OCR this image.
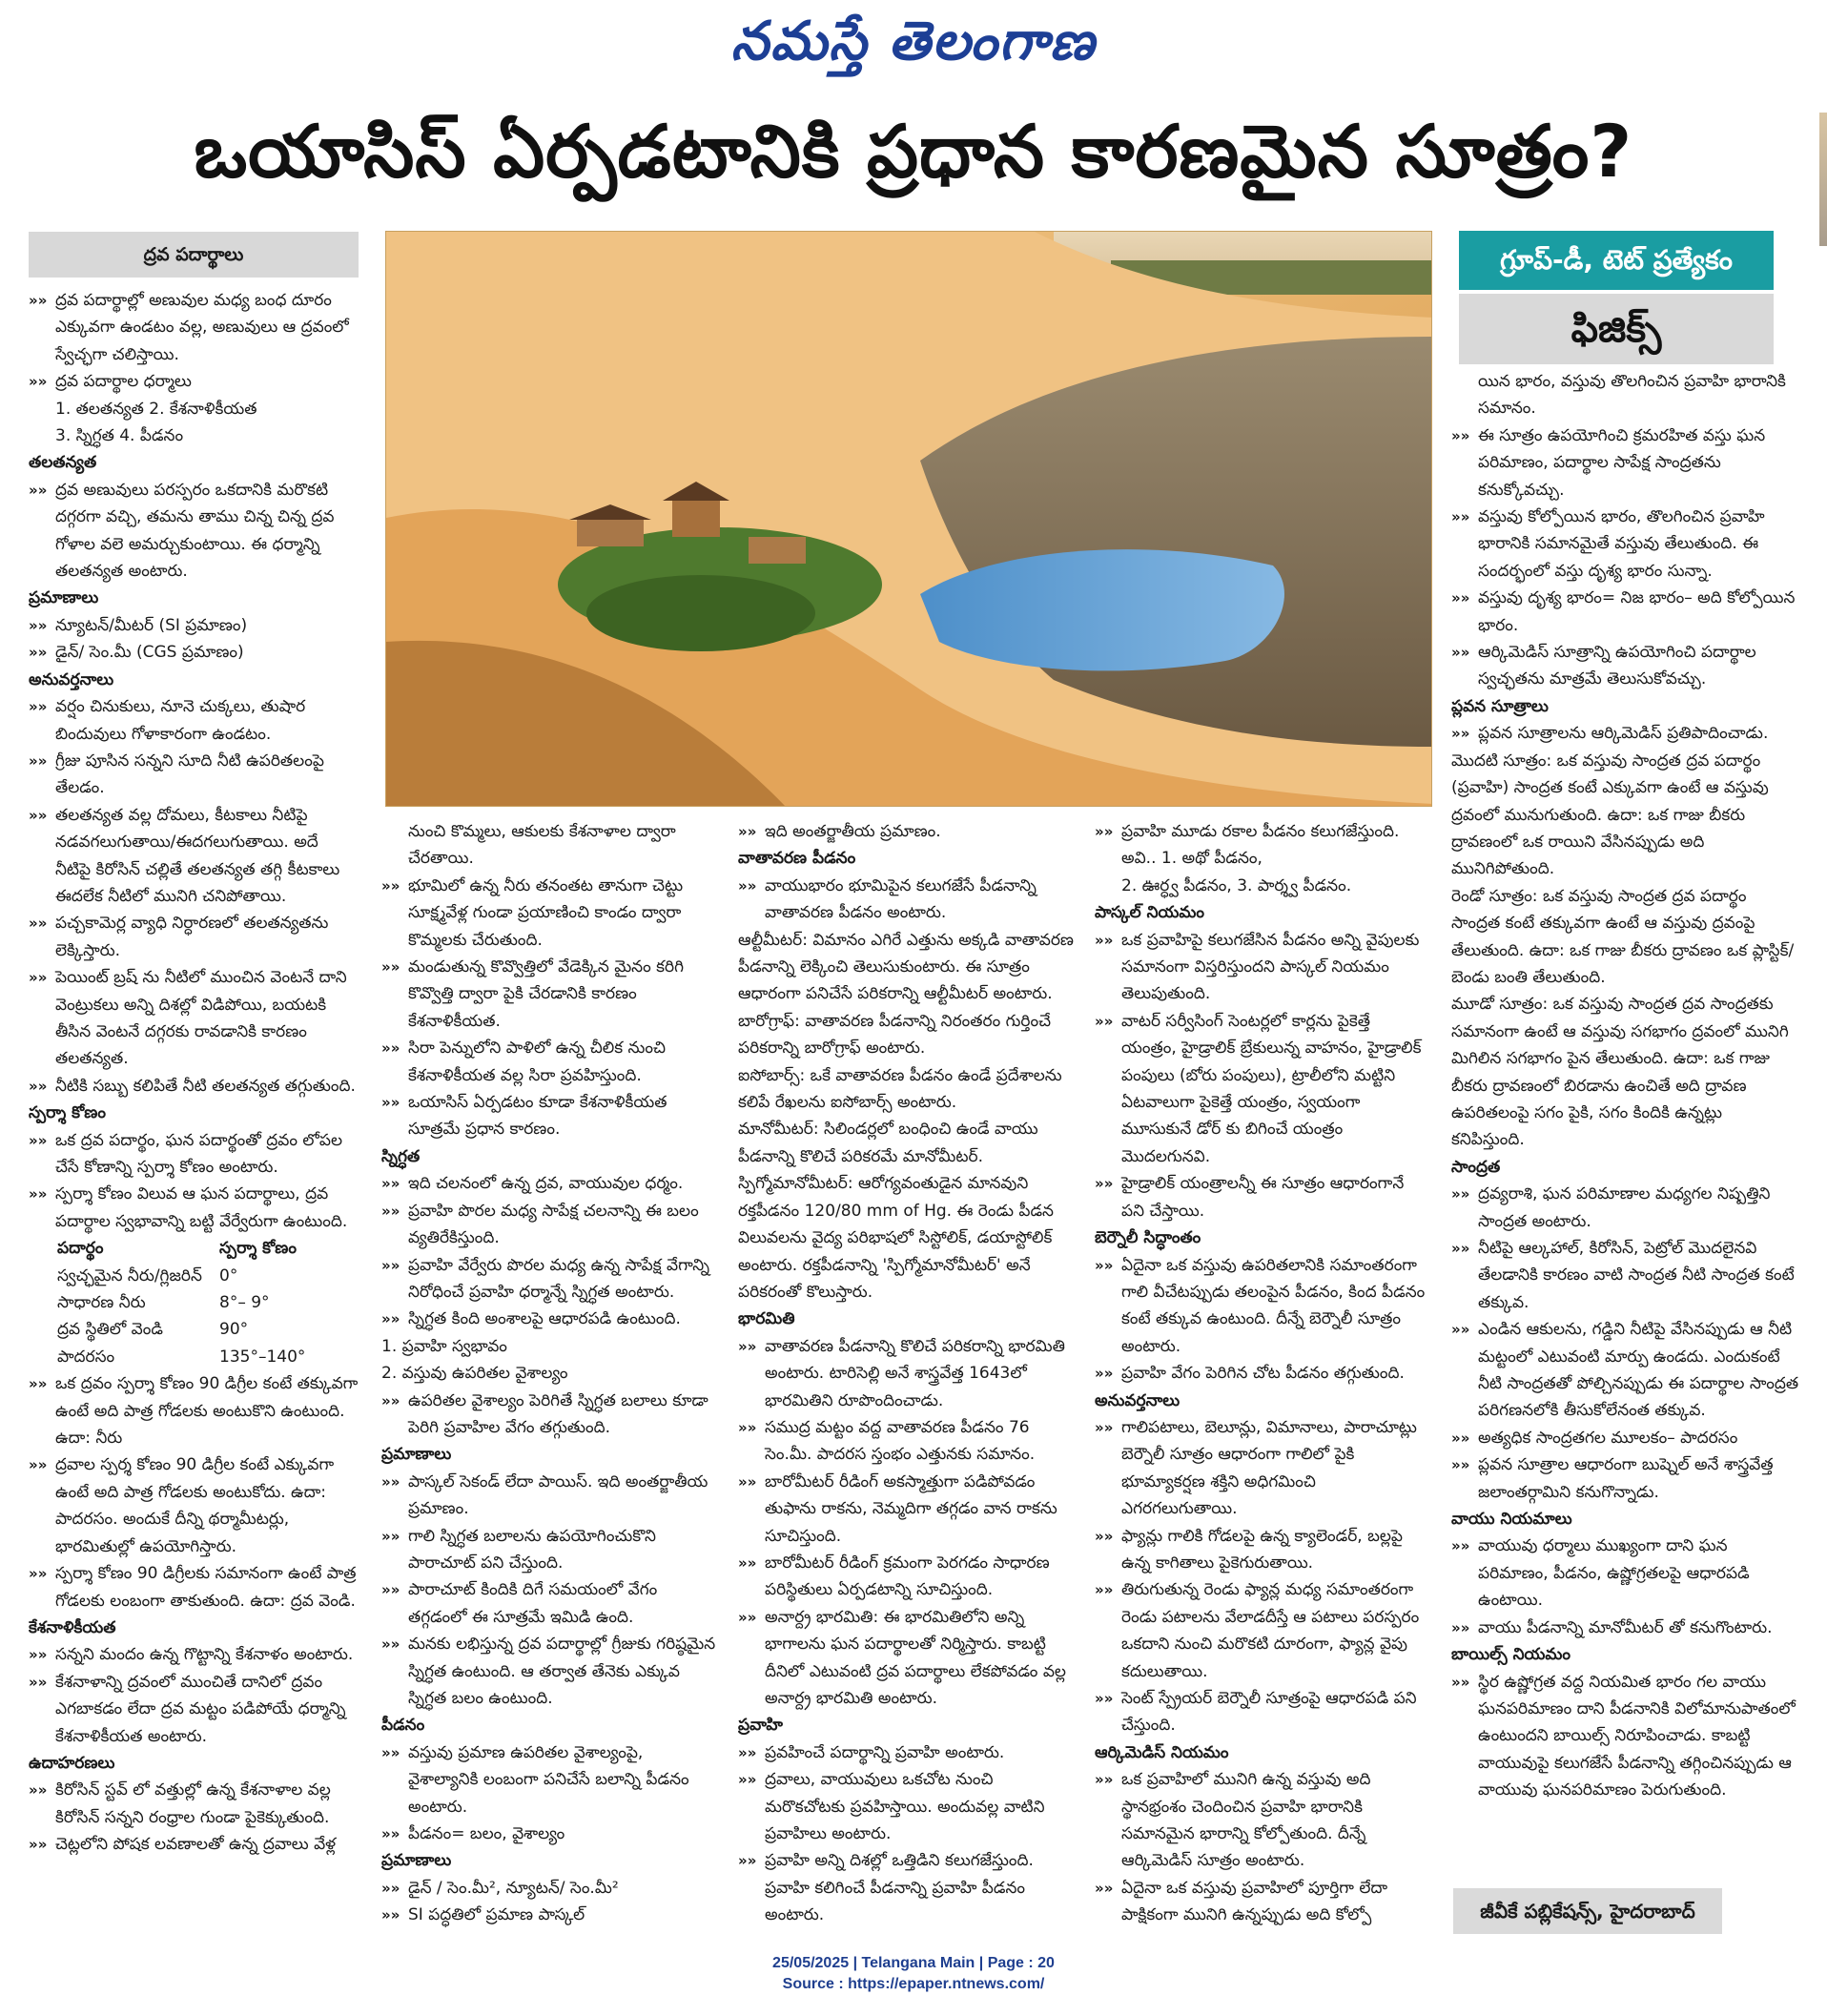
నమస్తే తెలంగాణ
ఒయాసిస్ ఏర్పడటానికి ప్రధాన కారణమైన సూత్రం?
ద్రవ పదార్థాలు
»» ద్రవ పదార్థాల్లో అణువుల మధ్య బంధ దూరం ఎక్కువగా ఉండటం వల్ల, అణువులు ఆ ద్రవంలో స్వేచ్ఛగా చలిస్తాయి.
»» ద్రవ పదార్థాల ధర్మాలు
1. తలతన్యత 2. కేశనాళికీయత
3. స్నిగ్ధత 4. పీడనం
తలతన్యత
»» ద్రవ అణువులు పరస్పరం ఒకదానికి మరొకటి దగ్గరగా వచ్చి, తమను తాము చిన్న చిన్న ద్రవ గోళాల వలె అమర్చుకుంటాయి. ఈ ధర్మాన్ని తలతన్యత అంటారు.
ప్రమాణాలు
»» న్యూటన్/మీటర్ (SI ప్రమాణం)
»» డైన్/ సెం.మీ (CGS ప్రమాణం)
అనువర్తనాలు
»» వర్షం చినుకులు, నూనె చుక్కలు, తుషార బిందువులు గోళాకారంగా ఉండటం.
»» గ్రీజు పూసిన సన్నని సూది నీటి ఉపరితలంపై తేలడం.
»» తలతన్యత వల్ల దోమలు, కీటకాలు నీటిపై నడవగలుగుతాయి/ఈదగలుగుతాయి. అదే నీటిపై కిరోసిన్ చల్లితే తలతన్యత తగ్గి కీటకాలు ఈదలేక నీటిలో మునిగి చనిపోతాయి.
»» పచ్చకామెర్ల వ్యాధి నిర్ధారణలో తలతన్యతను లెక్కిస్తారు.
»» పెయింట్ బ్రష్ ను నీటిలో ముంచిన వెంటనే దాని వెంట్రుకలు అన్ని దిశల్లో విడిపోయి, బయటకి తీసిన వెంటనే దగ్గరకు రావడానికి కారణం తలతన్యత.
»» నీటికి సబ్బు కలిపితే నీటి తలతన్యత తగ్గుతుంది.
స్పర్శా కోణం
»» ఒక ద్రవ పదార్థం, ఘన పదార్థంతో ద్రవం లోపల చేసే కోణాన్ని స్పర్శా కోణం అంటారు.
»» స్పర్శా కోణం విలువ ఆ ఘన పదార్థాలు, ద్రవ పదార్థాల స్వభావాన్ని బట్టి వేర్వేరుగా ఉంటుంది.
పదార్థం	స్పర్శా కోణం
స్వచ్ఛమైన నీరు/గ్లిజరిన్	0°
సాధారణ నీరు	8°– 9°
ద్రవ స్థితిలో వెండి	90°
పాదరసం	135°–140°
»» ఒక ద్రవం స్పర్శా కోణం 90 డిగ్రీల కంటే తక్కువగా ఉంటే అది పాత్ర గోడలకు అంటుకొని ఉంటుంది. ఉదా: నీరు
»» ద్రవాల స్పర్శ కోణం 90 డిగ్రీల కంటే ఎక్కువగా ఉంటే అది పాత్ర గోడలకు అంటుకోదు. ఉదా: పాదరసం. అందుకే దీన్ని థర్మామీటర్లు, భారమితుల్లో ఉపయోగిస్తారు.
»» స్పర్శా కోణం 90 డిగ్రీలకు సమానంగా ఉంటే పాత్ర గోడలకు లంబంగా తాకుతుంది. ఉదా: ద్రవ వెండి.
కేశనాళికీయత
»» సన్నని మందం ఉన్న గొట్టాన్ని కేశనాళం అంటారు.
»» కేశనాళాన్ని ద్రవంలో ముంచితే దానిలో ద్రవం ఎగబాకడం లేదా ద్రవ మట్టం పడిపోయే ధర్మాన్ని కేశనాళికీయత అంటారు.
ఉదాహరణలు
»» కిరోసిన్ స్టవ్ లో వత్తుల్లో ఉన్న కేశనాళాల వల్ల కిరోసిన్ సన్నని రంధ్రాల గుండా పైకెక్కుతుంది.
»» చెట్లలోని పోషక లవణాలతో ఉన్న ద్రవాలు వేళ్ల
గ్రూప్-డీ, టెట్ ప్రత్యేకం
ఫిజిక్స్
నుంచి కొమ్మలు, ఆకులకు కేశనాళాల ద్వారా చేరతాయి.
»» భూమిలో ఉన్న నీరు తనంతట తానుగా చెట్టు సూక్ష్మవేళ్ల గుండా ప్రయాణించి కాండం ద్వారా కొమ్మలకు చేరుతుంది.
»» మండుతున్న కొవ్వొత్తిలో వేడెక్కిన మైనం కరిగి కొవ్వొత్తి ద్వారా పైకి చేరడానికి కారణం కేశనాళికీయత.
»» సిరా పెన్నులోని పాళిలో ఉన్న చీలిక నుంచి కేశనాళికీయత వల్ల సిరా ప్రవహిస్తుంది.
»» ఒయాసిస్ ఏర్పడటం కూడా కేశనాళికీయత సూత్రమే ప్రధాన కారణం.
స్నిగ్ధత
»» ఇది చలనంలో ఉన్న ద్రవ, వాయువుల ధర్మం.
»» ప్రవాహి పొరల మధ్య సాపేక్ష చలనాన్ని ఈ బలం వ్యతిరేకిస్తుంది.
»» ప్రవాహి వేర్వేరు పొరల మధ్య ఉన్న సాపేక్ష వేగాన్ని నిరోధించే ప్రవాహి ధర్మాన్నే స్నిగ్ధత అంటారు.
»» స్నిగ్ధత కింది అంశాలపై ఆధారపడి ఉంటుంది.
1. ప్రవాహి స్వభావం
2. వస్తువు ఉపరితల వైశాల్యం
»» ఉపరితల వైశాల్యం పెరిగితే స్నిగ్ధత బలాలు కూడా పెరిగి ప్రవాహిల వేగం తగ్గుతుంది.
ప్రమాణాలు
»» పాస్కల్ సెకండ్ లేదా పాయిస్. ఇది అంతర్జాతీయ ప్రమాణం.
»» గాలి స్నిగ్ధత బలాలను ఉపయోగించుకొని పారాచూట్ పని చేస్తుంది.
»» పారాచూట్ కిందికి దిగే సమయంలో వేగం తగ్గడంలో ఈ సూత్రమే ఇమిడి ఉంది.
»» మనకు లభిస్తున్న ద్రవ పదార్థాల్లో గ్రీజుకు గరిష్ఠమైన స్నిగ్ధత ఉంటుంది. ఆ తర్వాత తేనెకు ఎక్కువ స్నిగ్ధత బలం ఉంటుంది.
పీడనం
»» వస్తువు ప్రమాణ ఉపరితల వైశాల్యంపై, వైశాల్యానికి లంబంగా పనిచేసే బలాన్ని పీడనం అంటారు.
»» పీడనం= బలం, వైశాల్యం
ప్రమాణాలు
»» డైన్ / సెం.మీ², న్యూటన్/ సెం.మీ²
»» SI పద్ధతిలో ప్రమాణ పాస్కల్
»» ఇది అంతర్జాతీయ ప్రమాణం.
వాతావరణ పీడనం
»» వాయుభారం భూమిపైన కలుగజేసే పీడనాన్ని వాతావరణ పీడనం అంటారు.
ఆల్టీమీటర్: విమానం ఎగిరే ఎత్తును అక్కడి వాతావరణ పీడనాన్ని లెక్కించి తెలుసుకుంటారు. ఈ సూత్రం ఆధారంగా పనిచేసే పరికరాన్ని ఆల్టీమీటర్ అంటారు.
బారోగ్రాఫ్: వాతావరణ పీడనాన్ని నిరంతరం గుర్తించే పరికరాన్ని బారోగ్రాఫ్ అంటారు.
ఐసోబార్స్: ఒకే వాతావరణ పీడనం ఉండే ప్రదేశాలను కలిపే రేఖలను ఐసోబార్స్ అంటారు.
మానోమీటర్: సిలిండర్లలో బంధించి ఉండే వాయు పీడనాన్ని కొలిచే పరికరమే మానోమీటర్.
స్పిగ్మోమానోమీటర్: ఆరోగ్యవంతుడైన మానవుని రక్తపీడనం 120/80 mm of Hg. ఈ రెండు పీడన విలువలను వైద్య పరిభాషలో సిస్టోలిక్, డయాస్టోలిక్ అంటారు. రక్తపీడనాన్ని 'స్పిగ్మోమానోమీటర్' అనే పరికరంతో కొలుస్తారు.
భారమితి
»» వాతావరణ పీడనాన్ని కొలిచే పరికరాన్ని భారమితి అంటారు. టారిసెల్లి అనే శాస్త్రవేత్త 1643లో భారమితిని రూపొందించాడు.
»» సముద్ర మట్టం వద్ద వాతావరణ పీడనం 76 సెం.మీ. పాదరస స్తంభం ఎత్తునకు సమానం.
»» బారోమీటర్ రీడింగ్ అకస్మాత్తుగా పడిపోవడం తుఫాను రాకను, నెమ్మదిగా తగ్గడం వాన రాకను సూచిస్తుంది.
»» బారోమీటర్ రీడింగ్ క్రమంగా పెరగడం సాధారణ పరిస్థితులు ఏర్పడటాన్ని సూచిస్తుంది.
»» అనార్ద్ర భారమితి: ఈ భారమితిలోని అన్ని భాగాలను ఘన పదార్థాలతో నిర్మిస్తారు. కాబట్టి దీనిలో ఎటువంటి ద్రవ పదార్థాలు లేకపోవడం వల్ల అనార్ద్ర భారమితి అంటారు.
ప్రవాహి
»» ప్రవహించే పదార్థాన్ని ప్రవాహి అంటారు.
»» ద్రవాలు, వాయువులు ఒకచోట నుంచి మరొకచోటకు ప్రవహిస్తాయి. అందువల్ల వాటిని ప్రవాహిలు అంటారు.
»» ప్రవాహి అన్ని దిశల్లో ఒత్తిడిని కలుగజేస్తుంది. ప్రవాహి కలిగించే పీడనాన్ని ప్రవాహి పీడనం అంటారు.
»» ప్రవాహి మూడు రకాల పీడనం కలుగజేస్తుంది. అవి.. 1. అథో పీడనం,
2. ఊర్ధ్వ పీడనం, 3. పార్శ్వ పీడనం.
పాస్కల్ నియమం
»» ఒక ప్రవాహిపై కలుగజేసిన పీడనం అన్ని వైపులకు సమానంగా విస్తరిస్తుందని పాస్కల్ నియమం తెలుపుతుంది.
»» వాటర్ సర్వీసింగ్ సెంటర్లలో కార్లను పైకెత్తే యంత్రం, హైడ్రాలిక్ బ్రేకులున్న వాహనం, హైడ్రాలిక్ పంపులు (బోరు పంపులు), ట్రాలీలోని మట్టిని ఏటవాలుగా పైకెత్తే యంత్రం, స్వయంగా మూసుకునే డోర్ కు బిగించే యంత్రం మొదలగునవి.
»» హైడ్రాలిక్ యంత్రాలన్నీ ఈ సూత్రం ఆధారంగానే పని చేస్తాయి.
బెర్నౌలీ సిద్ధాంతం
»» ఏదైనా ఒక వస్తువు ఉపరితలానికి సమాంతరంగా గాలి వీచేటప్పుడు తలంపైన పీడనం, కింద పీడనం కంటే తక్కువ ఉంటుంది. దీన్నే బెర్నౌలీ సూత్రం అంటారు.
»» ప్రవాహి వేగం పెరిగిన చోట పీడనం తగ్గుతుంది.
అనువర్తనాలు
»» గాలిపటాలు, బెలూన్లు, విమానాలు, పారాచూట్లు బెర్నౌలీ సూత్రం ఆధారంగా గాలిలో పైకి భూమ్యాకర్షణ శక్తిని అధిగమించి ఎగరగలుగుతాయి.
»» ఫ్యాన్లు గాలికి గోడలపై ఉన్న క్యాలెండర్, బల్లపై ఉన్న కాగితాలు పైకెగురుతాయి.
»» తిరుగుతున్న రెండు ఫ్యాన్ల మధ్య సమాంతరంగా రెండు పటాలను వేలాడదీస్తే ఆ పటాలు పరస్పరం ఒకదాని నుంచి మరొకటి దూరంగా, ఫ్యాన్ల వైపు కదులుతాయి.
»» సెంట్ స్ప్రేయర్ బెర్నౌలీ సూత్రంపై ఆధారపడి పని చేస్తుంది.
ఆర్కిమెడిస్ నియమం
»» ఒక ప్రవాహిలో మునిగి ఉన్న వస్తువు అది స్థానభ్రంశం చెందించిన ప్రవాహి భారానికి సమానమైన భారాన్ని కోల్పోతుంది. దీన్నే ఆర్కిమెడిస్ సూత్రం అంటారు.
»» ఏదైనా ఒక వస్తువు ప్రవాహిలో పూర్తిగా లేదా పాక్షికంగా మునిగి ఉన్నప్పుడు అది కోల్పో
యిన భారం, వస్తువు తొలగించిన ప్రవాహి భారానికి సమానం.
»» ఈ సూత్రం ఉపయోగించి క్రమరహిత వస్తు ఘన పరిమాణం, పదార్థాల సాపేక్ష సాంద్రతను కనుక్కోవచ్చు.
»» వస్తువు కోల్పోయిన భారం, తొలగించిన ప్రవాహి భారానికి సమానమైతే వస్తువు తేలుతుంది. ఈ సందర్భంలో వస్తు దృశ్య భారం సున్నా.
»» వస్తువు దృశ్య భారం= నిజ భారం– అది కోల్పోయిన భారం.
»» ఆర్కిమెడిస్ సూత్రాన్ని ఉపయోగించి పదార్థాల స్వచ్ఛతను మాత్రమే తెలుసుకోవచ్చు.
ప్లవన సూత్రాలు
»» ప్లవన సూత్రాలను ఆర్కిమెడిస్ ప్రతిపాదించాడు.
మొదటి సూత్రం: ఒక వస్తువు సాంద్రత ద్రవ పదార్థం (ప్రవాహి) సాంద్రత కంటే ఎక్కువగా ఉంటే ఆ వస్తువు ద్రవంలో మునుగుతుంది. ఉదా: ఒక గాజు బీకరు ద్రావణంలో ఒక రాయిని వేసినప్పుడు అది మునిగిపోతుంది.
రెండో సూత్రం: ఒక వస్తువు సాంద్రత ద్రవ పదార్థం సాంద్రత కంటే తక్కువగా ఉంటే ఆ వస్తువు ద్రవంపై తేలుతుంది. ఉదా: ఒక గాజు బీకరు ద్రావణం ఒక ప్లాస్టిక్/బెండు బంతి తేలుతుంది.
మూడో సూత్రం: ఒక వస్తువు సాంద్రత ద్రవ సాంద్రతకు సమానంగా ఉంటే ఆ వస్తువు సగభాగం ద్రవంలో మునిగి మిగిలిన సగభాగం పైన తేలుతుంది. ఉదా: ఒక గాజు బీకరు ద్రావణంలో బిరడాను ఉంచితే అది ద్రావణ ఉపరితలంపై సగం పైకి, సగం కిందికి ఉన్నట్లు కనిపిస్తుంది.
సాంద్రత
»» ద్రవ్యరాశి, ఘన పరిమాణాల మధ్యగల నిష్పత్తిని సాంద్రత అంటారు.
»» నీటిపై ఆల్కహాల్, కిరోసిన్, పెట్రోల్ మొదలైనవి తేలడానికి కారణం వాటి సాంద్రత నీటి సాంద్రత కంటే తక్కువ.
»» ఎండిన ఆకులను, గడ్డిని నీటిపై వేసినప్పుడు ఆ నీటి మట్టంలో ఎటువంటి మార్పు ఉండదు. ఎందుకంటే నీటి సాంద్రతతో పోల్చినప్పుడు ఈ పదార్థాల సాంద్రత పరిగణనలోకి తీసుకోలేనంత తక్కువ.
»» అత్యధిక సాంద్రతగల మూలకం– పాదరసం
»» ప్లవన సూత్రాల ఆధారంగా బుష్నెల్ అనే శాస్త్రవేత్త జలాంతర్గామిని కనుగొన్నాడు.
వాయు నియమాలు
»» వాయువు ధర్మాలు ముఖ్యంగా దాని ఘన పరిమాణం, పీడనం, ఉష్ణోగ్రతలపై ఆధారపడి ఉంటాయి.
»» వాయు పీడనాన్ని మానోమీటర్ తో కనుగొంటారు.
బాయిల్స్ నియమం
»» స్థిర ఉష్ణోగ్రత వద్ద నియమిత భారం గల వాయు ఘనపరిమాణం దాని పీడనానికి విలోమానుపాతంలో ఉంటుందని బాయిల్స్ నిరూపించాడు. కాబట్టి వాయువుపై కలుగజేసే పీడనాన్ని తగ్గించినప్పుడు ఆ వాయువు ఘనపరిమాణం పెరుగుతుంది.
జీవీకే పబ్లికేషన్స్, హైదరాబాద్
25/05/2025 | Telangana Main | Page : 20
Source : https://epaper.ntnews.com/
